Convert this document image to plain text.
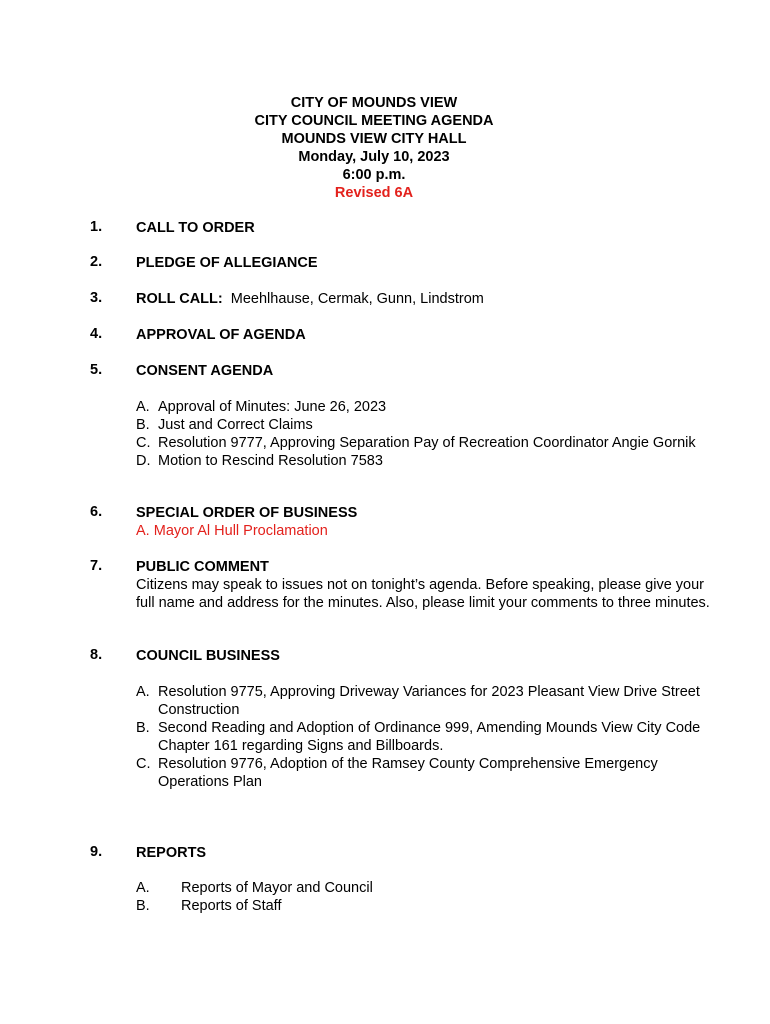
CITY OF MOUNDS VIEW
CITY COUNCIL MEETING AGENDA
MOUNDS VIEW CITY HALL
Monday, July 10, 2023
6:00 p.m.
Revised 6A
1. CALL TO ORDER
2. PLEDGE OF ALLEGIANCE
3. ROLL CALL: Meehlhause, Cermak, Gunn, Lindstrom
4. APPROVAL OF AGENDA
5. CONSENT AGENDA
A. Approval of Minutes: June 26, 2023
B. Just and Correct Claims
C. Resolution 9777, Approving Separation Pay of Recreation Coordinator Angie Gornik
D. Motion to Rescind Resolution 7583
6. SPECIAL ORDER OF BUSINESS
A. Mayor Al Hull Proclamation
7. PUBLIC COMMENT
Citizens may speak to issues not on tonight’s agenda. Before speaking, please give your full name and address for the minutes. Also, please limit your comments to three minutes.
8. COUNCIL BUSINESS
A. Resolution 9775, Approving Driveway Variances for 2023 Pleasant View Drive Street Construction
B. Second Reading and Adoption of Ordinance 999, Amending Mounds View City Code Chapter 161 regarding Signs and Billboards.
C. Resolution 9776, Adoption of the Ramsey County Comprehensive Emergency Operations Plan
9. REPORTS
A. Reports of Mayor and Council
B. Reports of Staff
